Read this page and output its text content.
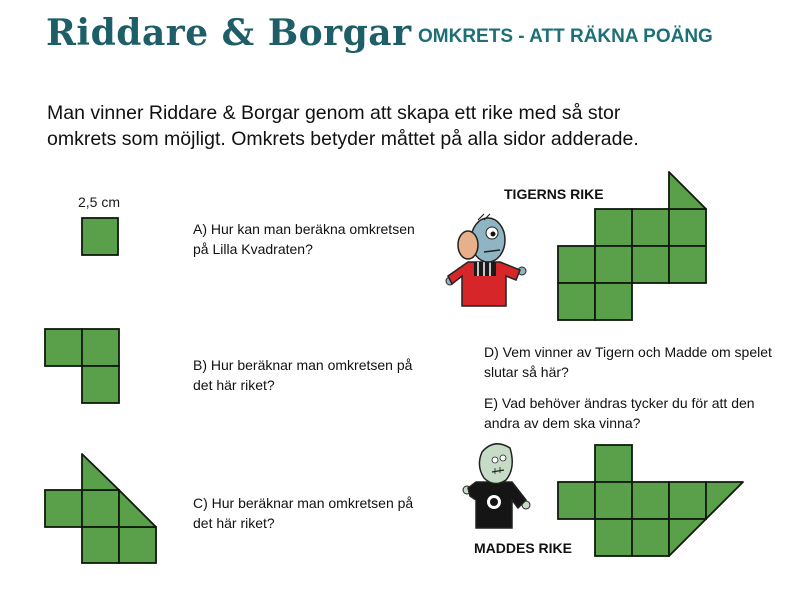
Riddare & Borgar OMKRETS - ATT RÄKNA POÄNG
Man vinner Riddare & Borgar genom att skapa ett rike med så stor omkrets som möjligt. Omkrets betyder måttet på alla sidor adderade.
2,5 cm
A) Hur kan man beräkna omkretsen på Lilla Kvadraten?
B) Hur beräknar man omkretsen på det här riket?
C) Hur beräknar man omkretsen på det här riket?
TIGERNS RIKE
MADDES RIKE
D) Vem vinner av Tigern och Madde om spelet slutar så här?
E) Vad behöver ändras tycker du för att den andra av dem ska vinna?
